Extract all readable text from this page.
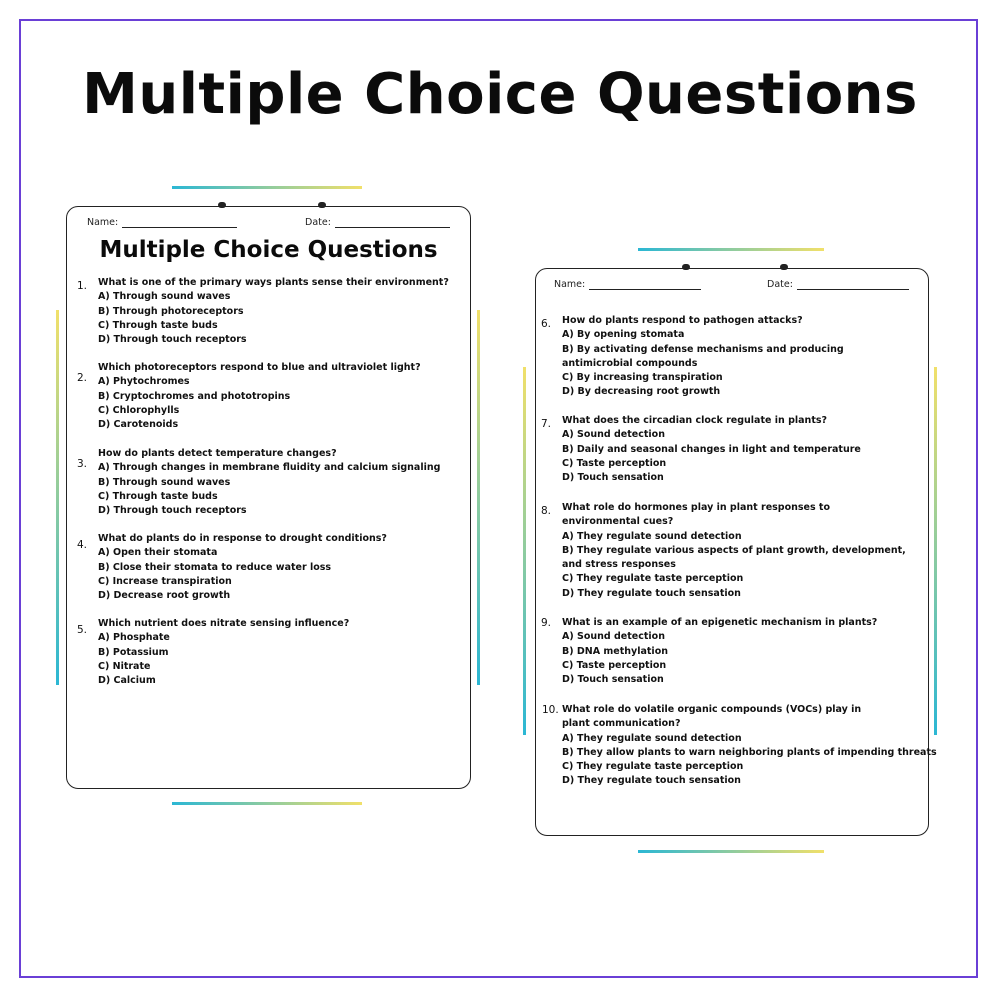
Multiple Choice Questions
Name:	Date:
Multiple Choice Questions
1. What is one of the primary ways plants sense their environment?
A) Through sound waves
B) Through photoreceptors
C) Through taste buds
D) Through touch receptors
2.
Which photoreceptors respond to blue and ultraviolet light?
A) Phytochromes
B) Cryptochromes and phototropins
C) Chlorophylls
D) Carotenoids
3.
How do plants detect temperature changes?
A) Through changes in membrane fluidity and calcium signaling
B) Through sound waves
C) Through taste buds
D) Through touch receptors
4.
What do plants do in response to drought conditions?
A) Open their stomata
B) Close their stomata to reduce water loss
C) Increase transpiration
D) Decrease root growth
5.
Which nutrient does nitrate sensing influence?
A) Phosphate
B) Potassium
C) Nitrate
D) Calcium
Name:	Date:
6. How do plants respond to pathogen attacks?
A) By opening stomata
B) By activating defense mechanisms and producing antimicrobial compounds
C) By increasing transpiration
D) By decreasing root growth
7. What does the circadian clock regulate in plants?
A) Sound detection
B) Daily and seasonal changes in light and temperature
C) Taste perception
D) Touch sensation
8. What role do hormones play in plant responses to environmental cues?
A) They regulate sound detection
B) They regulate various aspects of plant growth, development, and stress responses
C) They regulate taste perception
D) They regulate touch sensation
9. What is an example of an epigenetic mechanism in plants?
A) Sound detection
B) DNA methylation
C) Taste perception
D) Touch sensation
10. What role do volatile organic compounds (VOCs) play in plant communication?
A) They regulate sound detection
B) They allow plants to warn neighboring plants of impending threats
C) They regulate taste perception
D) They regulate touch sensation
